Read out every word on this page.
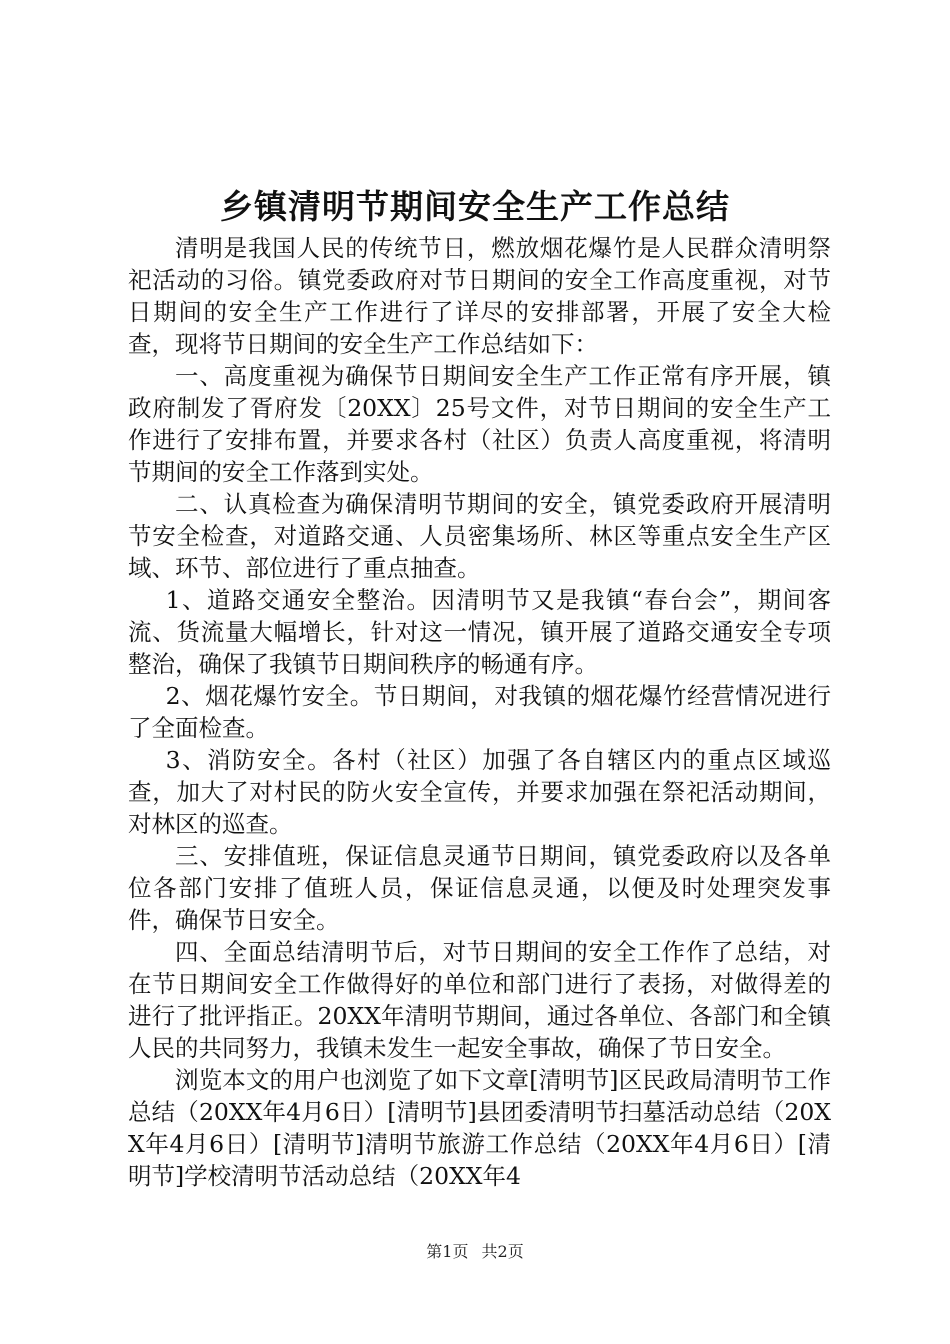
乡镇清明节期间安全生产工作总结

清明是我国人民的传统节日，燃放烟花爆竹是人民群众清明祭祀活动的习俗。镇党委政府对节日期间的安全工作高度重视，对节日期间的安全生产工作进行了详尽的安排部署，开展了安全大检查，现将节日期间的安全生产工作总结如下：

一、高度重视为确保节日期间安全生产工作正常有序开展，镇政府制发了胥府发〔20XX〕25号文件，对节日期间的安全生产工作进行了安排布置，并要求各村（社区）负责人高度重视，将清明节期间的安全工作落到实处。

二、认真检查为确保清明节期间的安全，镇党委政府开展清明节安全检查，对道路交通、人员密集场所、林区等重点安全生产区域、环节、部位进行了重点抽查。

1、道路交通安全整治。因清明节又是我镇“春台会”，期间客流、货流量大幅增长，针对这一情况，镇开展了道路交通安全专项整治，确保了我镇节日期间秩序的畅通有序。

2、烟花爆竹安全。节日期间，对我镇的烟花爆竹经营情况进行了全面检查。

3、消防安全。各村（社区）加强了各自辖区内的重点区域巡查，加大了对村民的防火安全宣传，并要求加强在祭祀活动期间，对林区的巡查。

三、安排值班，保证信息灵通节日期间，镇党委政府以及各单位各部门安排了值班人员，保证信息灵通，以便及时处理突发事件，确保节日安全。

四、全面总结清明节后，对节日期间的安全工作作了总结，对在节日期间安全工作做得好的单位和部门进行了表扬，对做得差的进行了批评指正。20XX年清明节期间，通过各单位、各部门和全镇人民的共同努力，我镇未发生一起安全事故，确保了节日安全。

浏览本文的用户也浏览了如下文章[清明节]区民政局清明节工作总结（20XX年4月6日）[清明节]县团委清明节扫墓活动总结（20XX年4月6日）[清明节]清明节旅游工作总结（20XX年4月6日）[清明节]学校清明节活动总结（20XX年4

第1页 共2页
